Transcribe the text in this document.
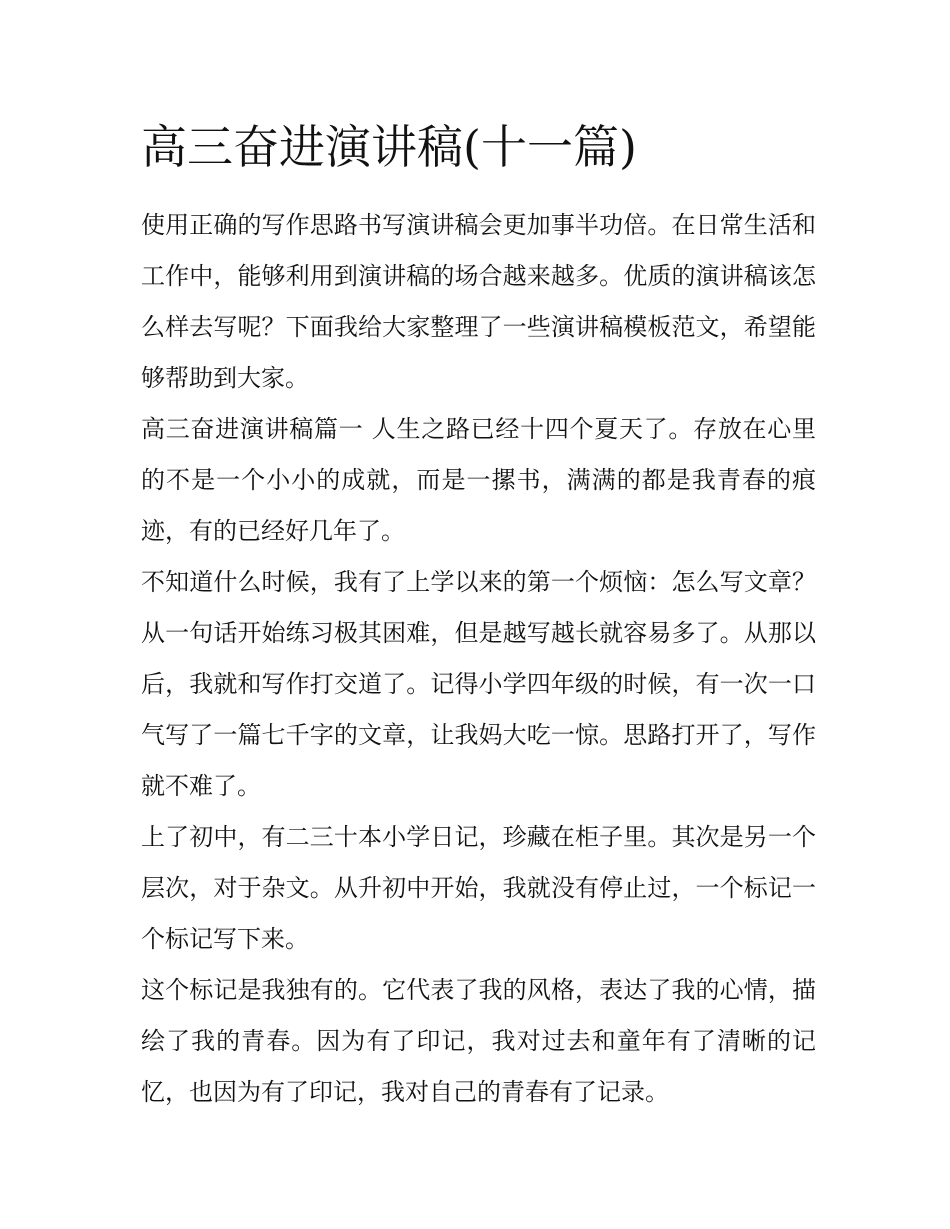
高三奋进演讲稿(十一篇)

使用正确的写作思路书写演讲稿会更加事半功倍。在日常生活和工作中，能够利用到演讲稿的场合越来越多。优质的演讲稿该怎么样去写呢？下面我给大家整理了一些演讲稿模板范文，希望能够帮助到大家。

高三奋进演讲稿篇一 人生之路已经十四个夏天了。存放在心里的不是一个小小的成就，而是一摞书，满满的都是我青春的痕迹，有的已经好几年了。

不知道什么时候，我有了上学以来的第一个烦恼：怎么写文章？从一句话开始练习极其困难，但是越写越长就容易多了。从那以后，我就和写作打交道了。记得小学四年级的时候，有一次一口气写了一篇七千字的文章，让我妈大吃一惊。思路打开了，写作就不难了。

上了初中，有二三十本小学日记，珍藏在柜子里。其次是另一个层次，对于杂文。从升初中开始，我就没有停止过，一个标记一个标记写下来。

这个标记是我独有的。它代表了我的风格，表达了我的心情，描绘了我的青春。因为有了印记，我对过去和童年有了清晰的记忆，也因为有了印记，我对自己的青春有了记录。
